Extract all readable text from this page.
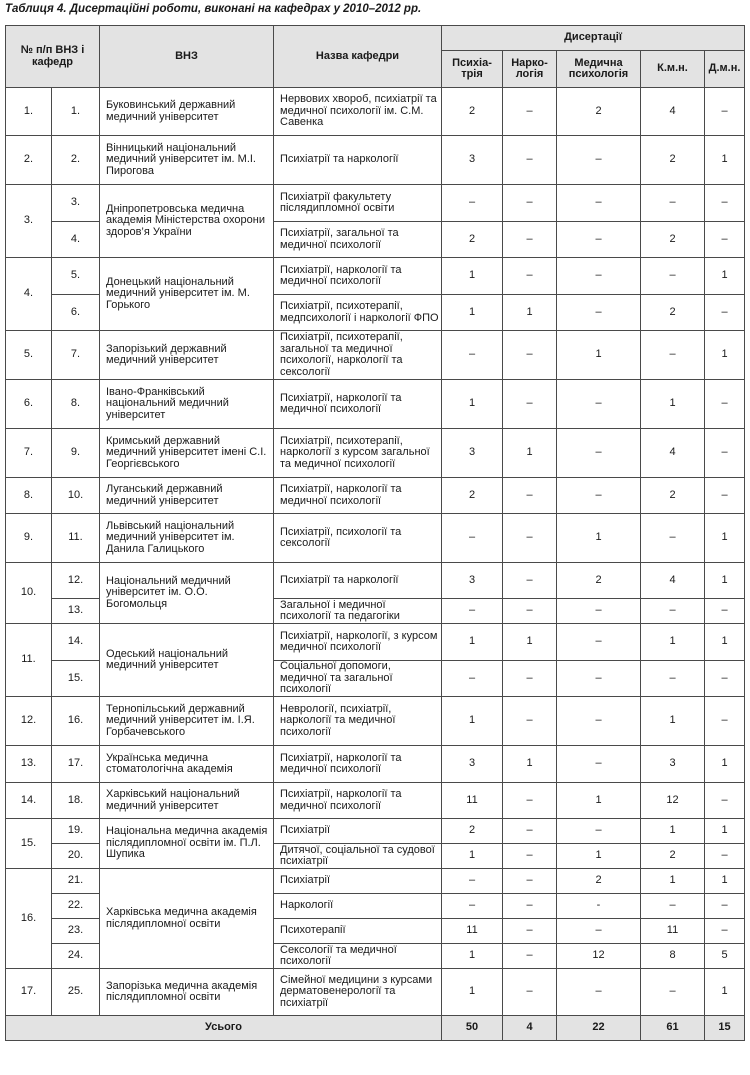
Таблиця 4. Дисертаційні роботи, виконані на кафедрах у 2010–2012 рр.
№ п/п ВНЗ і кафедр		ВНЗ	Назва кафедри	Дисертації				
				Психіа-трія	Нарко-логія	Медична психологія	К.м.н.	Д.м.н.
1.	1.	Буковинський державний медичний університет	Нервових хвороб, психіатрії та медичної психології ім. С.М. Савенка	2	–	2	4	–
2.	2.	Вінницький національний медичний університет ім. М.І. Пирогова	Психіатрії та наркології	3	–	–	2	1
3.	3.	Дніпропетровська медична академія Міністерства охорони здоров’я України	Психіатрії факультету післядипломної освіти	–	–	–	–	–
	4.		Психіатрії, загальної та медичної психології	2	–	–	2	–
4.	5.	Донецький національний медичний університет ім. М. Горького	Психіатрії, наркології та медичної психології	1	–	–	–	1
	6.		Психіатрії, психотерапії, медпсихології і наркології ФПО	1	1	–	2	–
5.	7.	Запорізький державний медичний університет	Психіатрії, психотерапії, загальної та медичної психології, наркології та сексології	–	–	1	–	1
6.	8.	Івано-Франківський національний медичний університет	Психіатрії, наркології та медичної психології	1	–	–	1	–
7.	9.	Кримський державний медичний університет імені С.І. Георгієвського	Психіатрії, психотерапії, наркології з курсом загальної та медичної психології	3	1	–	4	–
8.	10.	Луганський державний медичний університет	Психіатрії, наркології та медичної психології	2	–	–	2	–
9.	11.	Львівський національний медичний університет ім. Данила Галицького	Психіатрії, психології та сексології	–	–	1	–	1
10.	12.	Національний медичний університет ім. О.О. Богомольця	Психіатрії та наркології	3	–	2	4	1
	13.		Загальної і медичної психології та педагогіки	–	–	–	–	–
11.	14.	Одеський національний медичний університет	Психіатрії, наркології, з курсом медичної психології	1	1	–	1	1
	15.		Соціальної допомоги, медичної та загальної психології	–	–	–	–	–
12.	16.	Тернопільський державний медичний університет ім. І.Я. Горбачевського	Неврології, психіатрії, наркології та медичної психології	1	–	–	1	–
13.	17.	Українська медична стоматологічна академія	Психіатрії, наркології та медичної психології	3	1	–	3	1
14.	18.	Харківський національний медичний університет	Психіатрії, наркології та медичної психології	11	–	1	12	–
15.	19.	Національна медична академія післядипломної освіти ім. П.Л. Шупика	Психіатрії	2	–	–	1	1
	20.		Дитячої, соціальної та судової психіатрії	1	–	1	2	–
16.	21.	Харківська медична академія післядипломної освіти	Психіатрії	–	–	2	1	1
	22.		Наркології	–	–	-	–	–
	23.		Психотерапії	11	–	–	11	–
	24.		Сексології та медичної психології	1	–	12	8	5
17.	25.	Запорізька медична академія післядипломної освіти	Сімейної медицини з курсами дерматовенерології та психіатрії	1	–	–	–	1
Усього				50	4	22	61	15
